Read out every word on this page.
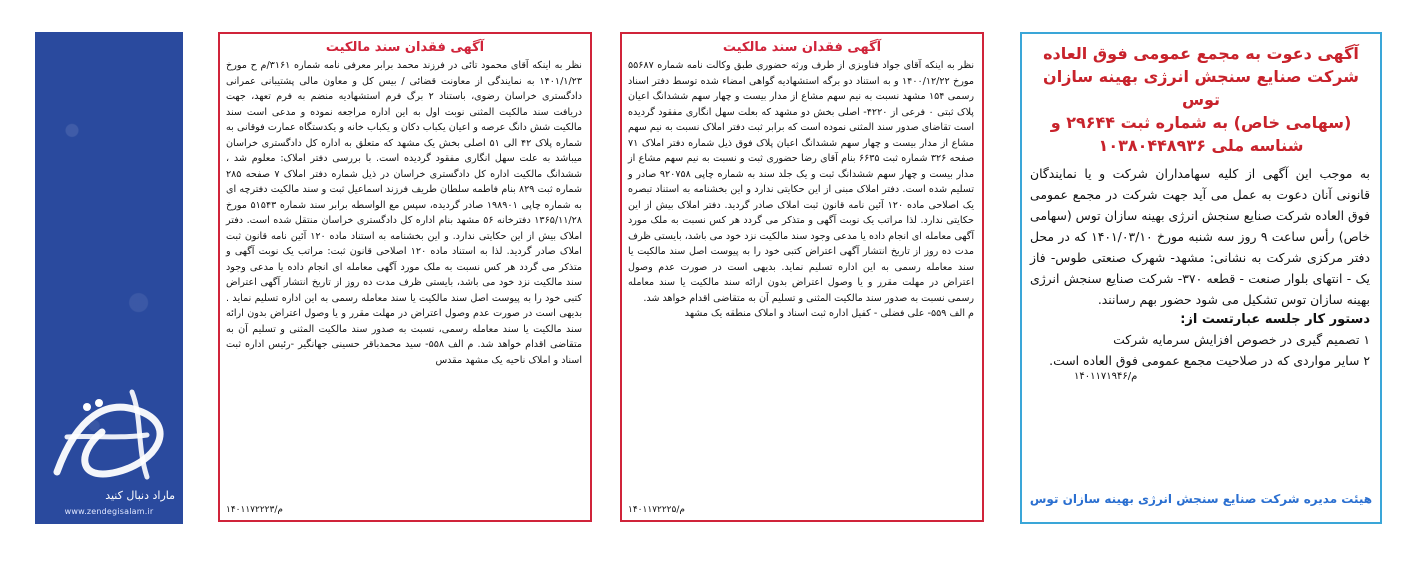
ماراد دنبال کنید
www.zendegisalam.ir
آگهی فقدان سند مالکیت

نظر به اینکه آقای محمود تائی در فرزند محمد برابر معرفی نامه شماره ۳۱۶۱/م ح مورخ ۱۴۰۱/۱/۲۳ به نمایندگی از معاونت قضائی / بیس کل و معاون مالی پشتیبانی عمرانی دادگستری خراسان رضوی، باستناد ۲ برگ فرم استشهادیه منضم به فرم تعهد، جهت دریافت سند مالکیت المثنی نوبت اول به این اداره مراجعه نموده و مدعی است سند مالکیت شش دانگ عرصه و اعیان یکباب دکان و یکباب خانه و یکدستگاه عمارت فوقانی به شماره پلاک ۴۲ الی ۵۱ اصلی بخش یک مشهد که متعلق به اداره کل دادگستری خراسان میباشد به علت سهل انگاری مفقود گردیده است. با بررسی دفتر املاک: معلوم شد ، ششدانگ مالکیت اداره کل دادگستری خراسان در ذیل شماره دفتر املاک ۷ صفحه ۲۸۵ شماره ثبت ۸۲۹ بنام فاطمه سلطان طریف فرزند اسماعیل ثبت و سند مالکیت دفترچه ای به شماره چاپی ۱۹۸۹۰۱ صادر گردیده، سپس مع الواسطه برابر سند شماره ۵۱۵۴۳ مورخ ۱۳۶۵/۱۱/۲۸ دفترخانه ۵۶ مشهد بنام اداره کل دادگستری خراسان منتقل شده است. دفتر املاک بیش از این حکایتی ندارد. و این بخشنامه به استناد ماده ۱۲۰ آئین نامه قانون ثبت املاک صادر گردید. لذا به استناد ماده ۱۲۰ اصلاحی قانون ثبت: مراتب یک نوبت آگهی و متذکر می گردد هر کس نسبت به ملک مورد آگهی معامله ای انجام داده یا مدعی وجود سند مالکیت نزد خود می باشد، بایستی ظرف مدت ده روز از تاریخ انتشار آگهی اعتراض کتبی خود را به پیوست اصل سند مالکیت یا سند معامله رسمی به این اداره تسلیم نماید . بدیهی است در صورت عدم وصول اعتراض در مهلت مقرر و یا وصول اعتراض بدون ارائه سند مالکیت یا سند معامله رسمی، نسبت به صدور سند مالکیت المثنی و تسلیم آن به متقاضی اقدام خواهد شد. م الف ۵۵۸- سید محمدباقر حسینی جهانگیر -رئیس اداره ثبت اسناد و املاک ناحیه یک مشهد مقدس

۱۴۰۱۱۷۲۲۲۳/م
آگهی فقدان سند مالکیت

نظر به اینکه آقای جواد فناوبزی از طرف ورثه حضوری طبق وکالت نامه شماره ۵۵۶۸۷ مورخ ۱۴۰۰/۱۲/۲۲ و به استناد دو برگه استشهادیه گواهی امضاء شده توسط دفتر اسناد رسمی ۱۵۴ مشهد نسبت به نیم سهم مشاع از مدار بیست و چهار سهم ششدانگ اعیان پلاک ثبتی ۰ فرعی از ۴۲۲۰- اصلی بخش دو مشهد که بعلت سهل انگاری مفقود گردیده است تقاضای صدور سند المثنی نموده است که برابر ثبت دفتر املاک نسبت به نیم سهم مشاع از مدار بیست و چهار سهم ششدانگ اعیان پلاک فوق ذیل شماره دفتر املاک ۷۱ صفحه ۳۲۶ شماره ثبت ۶۶۳۵ بنام آقای رضا حضوری ثبت و نسبت به نیم سهم مشاع از مدار بیست و چهار سهم ششدانگ ثبت و یک جلد سند به شماره چاپی ۹۲۰۷۵۸ صادر و تسلیم شده است. دفتر املاک مبنی از این حکایتی ندارد و این بخشنامه به استناد تبصره یک اصلاحی ماده ۱۲۰ آئین نامه قانون ثبت املاک صادر گردید. دفتر املاک بیش از این حکایتی ندارد. لذا مراتب یک نوبت آگهی و متذکر می گردد هر کس نسبت به ملک مورد آگهی معامله ای انجام داده یا مدعی وجود سند مالکیت نزد خود می باشد، بایستی ظرف مدت ده روز از تاریخ انتشار آگهی اعتراض کتبی خود را به پیوست اصل سند مالکیت یا سند معامله رسمی به این اداره تسلیم نماید. بدیهی است در صورت عدم وصول اعتراض در مهلت مقرر و یا وصول اعتراض بدون ارائه سند مالکیت یا سند معامله رسمی نسبت به صدور سند مالکیت المثنی و تسلیم آن به متقاضی اقدام خواهد شد.

م الف ۵۵۹- علی فضلی - کفیل اداره ثبت اسناد و املاک منطقه یک مشهد

۱۴۰۱۱۷۲۲۲۵/م
آگهی دعوت به مجمع عمومی فوق العاده
شرکت صنایع سنجش انرژی بهینه سازان توس
(سهامی خاص) به شماره ثبت ۲۹۶۴۴ و
شناسه ملی ۱۰۳۸۰۴۴۸۹۳۶

به موجب این آگهی از کلیه سهامداران شرکت و یا نمایندگان قانونی آنان دعوت به عمل می آید جهت شرکت در مجمع عمومی فوق العاده شرکت صنایع سنجش انرژی بهینه سازان توس (سهامی خاص) رأس ساعت ۹ روز سه شنبه مورخ ۱۴۰۱/۰۳/۱۰ که در محل دفتر مرکزی شرکت به نشانی: مشهد- شهرک صنعتی طوس- فاز یک - انتهای بلوار صنعت - قطعه ۳۷۰- شرکت صنایع سنجش انرژی بهینه سازان توس تشکیل می شود حضور بهم رسانند.

دستور کار جلسه عبارتست از:
۱ تصمیم گیری در خصوص افزایش سرمایه شرکت
۲ سایر مواردی که در صلاحیت مجمع عمومی فوق العاده است.

۱۴۰۱۱۷۱۹۴۶/م

هیئت مدیره شرکت صنایع سنجش انرژی بهینه سازان توس
